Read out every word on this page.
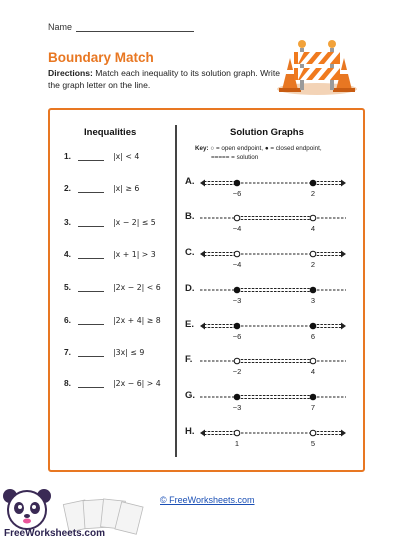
Name
Boundary Match
Directions: Match each inequality to its solution graph. Write the graph letter on the line.
Inequalities	Solution Graphs
1.	|x| < 4
2.	|x| ≥ 6
3.	|x − 2| ≤ 5
4.	|x + 1| > 3
5.	|2x − 2| < 6
6.	|2x + 4| ≥ 8
7.	|3x| ≤ 9
8.	|2x − 6| > 4
Key: ○ = open endpoint, ● = closed endpoint,
===== = solution
A.
B.
C.
D.
E.
F.
G.
H.
−6	2
−4	4
−4	2
−3	3
−6	6
−2	4
−3	7
1	5
FreeWorksheets.com
© FreeWorksheets.com
